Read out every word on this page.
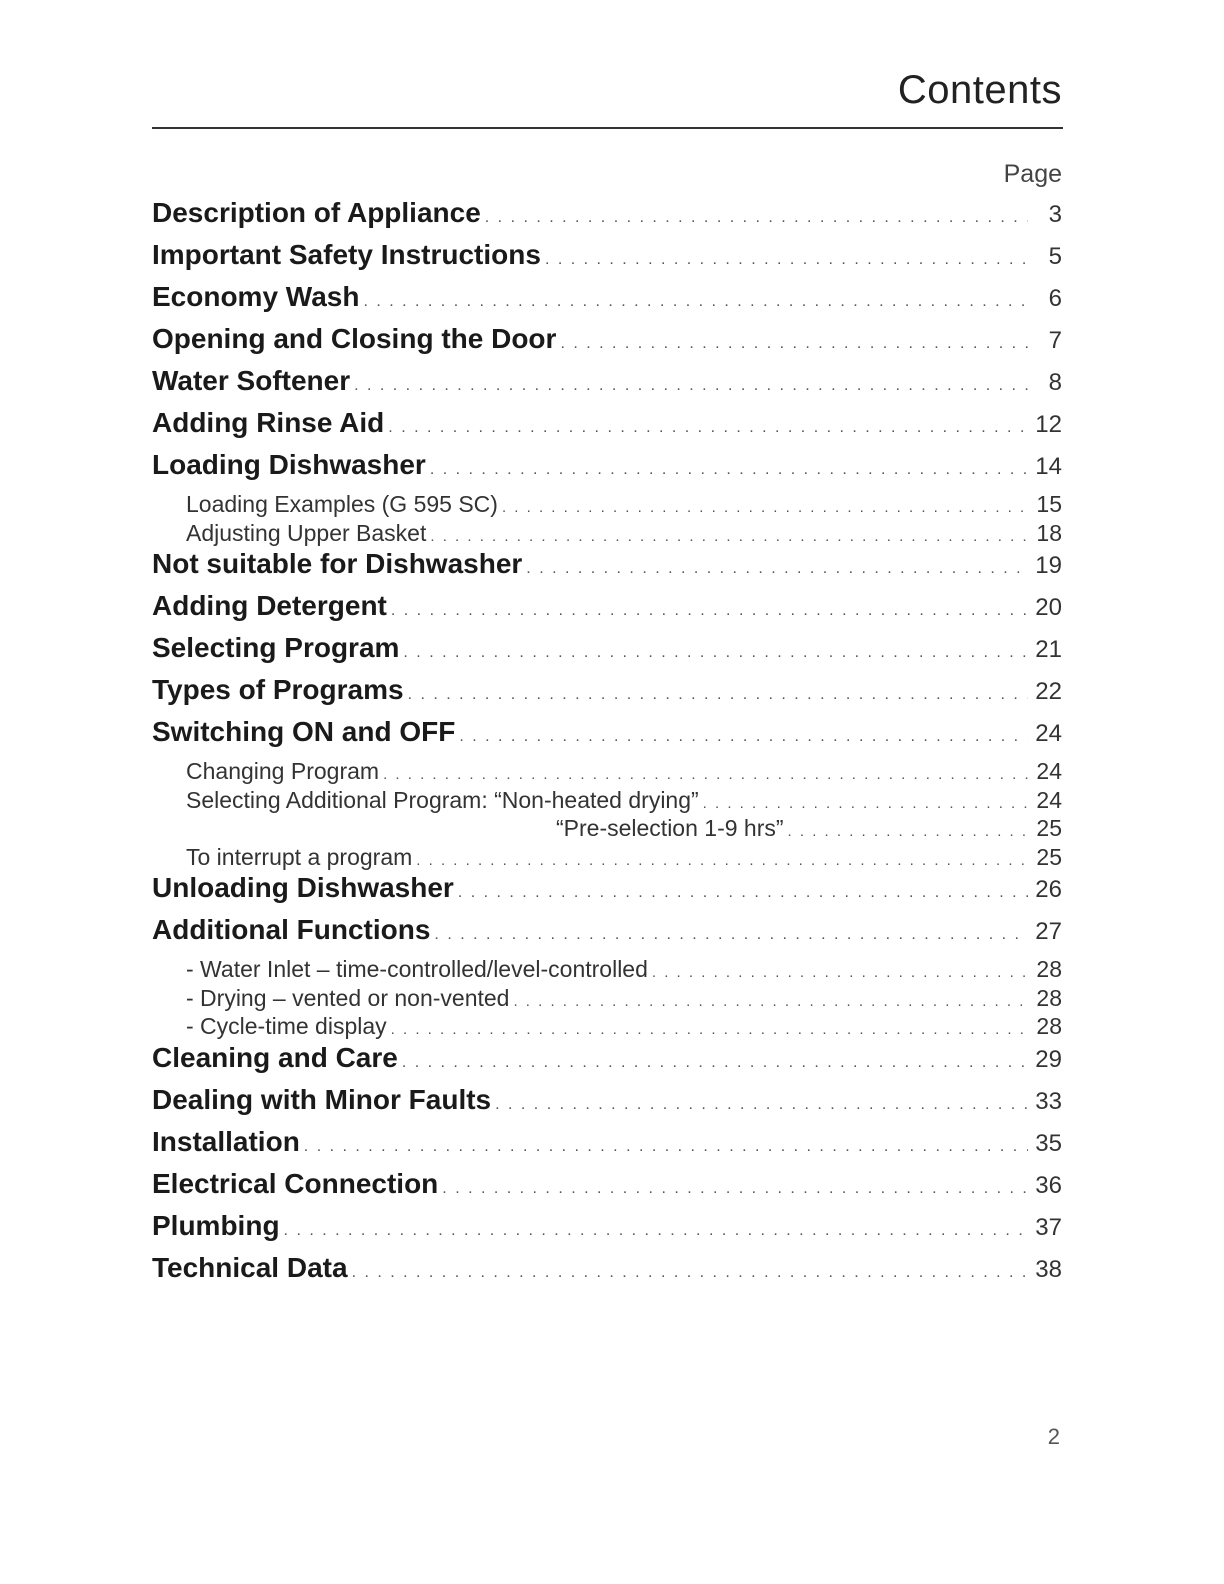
Contents
Page
Description of Appliance . . .	3
Important Safety Instructions . . .	5
Economy Wash . . .	6
Opening and Closing the Door . . .	7
Water Softener . . .	8
Adding Rinse Aid . . .	12
Loading Dishwasher . . .	14
Loading Examples (G 595 SC) . . .	15
Adjusting Upper Basket . . .	18
Not suitable for Dishwasher . . .	19
Adding Detergent . . .	20
Selecting Program . . .	21
Types of Programs . . .	22
Switching ON and OFF . . .	24
Changing Program . . .	24
Selecting Additional Program: “Non-heated drying” . . .	24
“Pre-selection 1-9 hrs” . . .	25
To interrupt a program . . .	25
Unloading Dishwasher . . .	26
Additional Functions . . .	27
- Water Inlet – time-controlled/level-controlled . . .	28
- Drying – vented or non-vented . . .	28
- Cycle-time display . . .	28
Cleaning and Care . . .	29
Dealing with Minor Faults . . .	33
Installation . . .	35
Electrical Connection . . .	36
Plumbing . . .	37
Technical Data . . .	38
2
